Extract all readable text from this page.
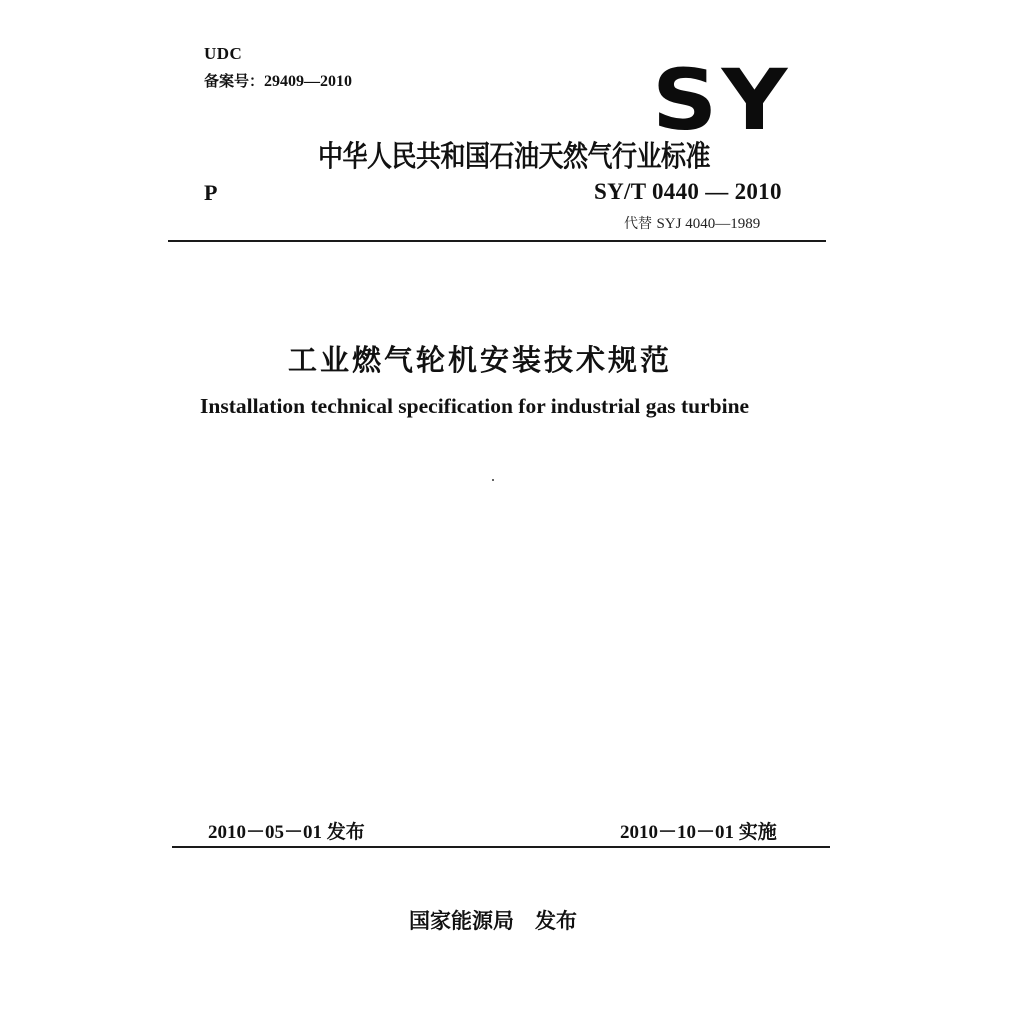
UDC
备案号：29409—2010	SY
中华人民共和国石油天然气行业标准
P	SY/T 0440 — 2010
代替 SYJ 4040—1989
工业燃气轮机安装技术规范
Installation technical specification for industrial gas turbine
2010－05－01 发布	2010－10－01 实施
国家能源局　发布
